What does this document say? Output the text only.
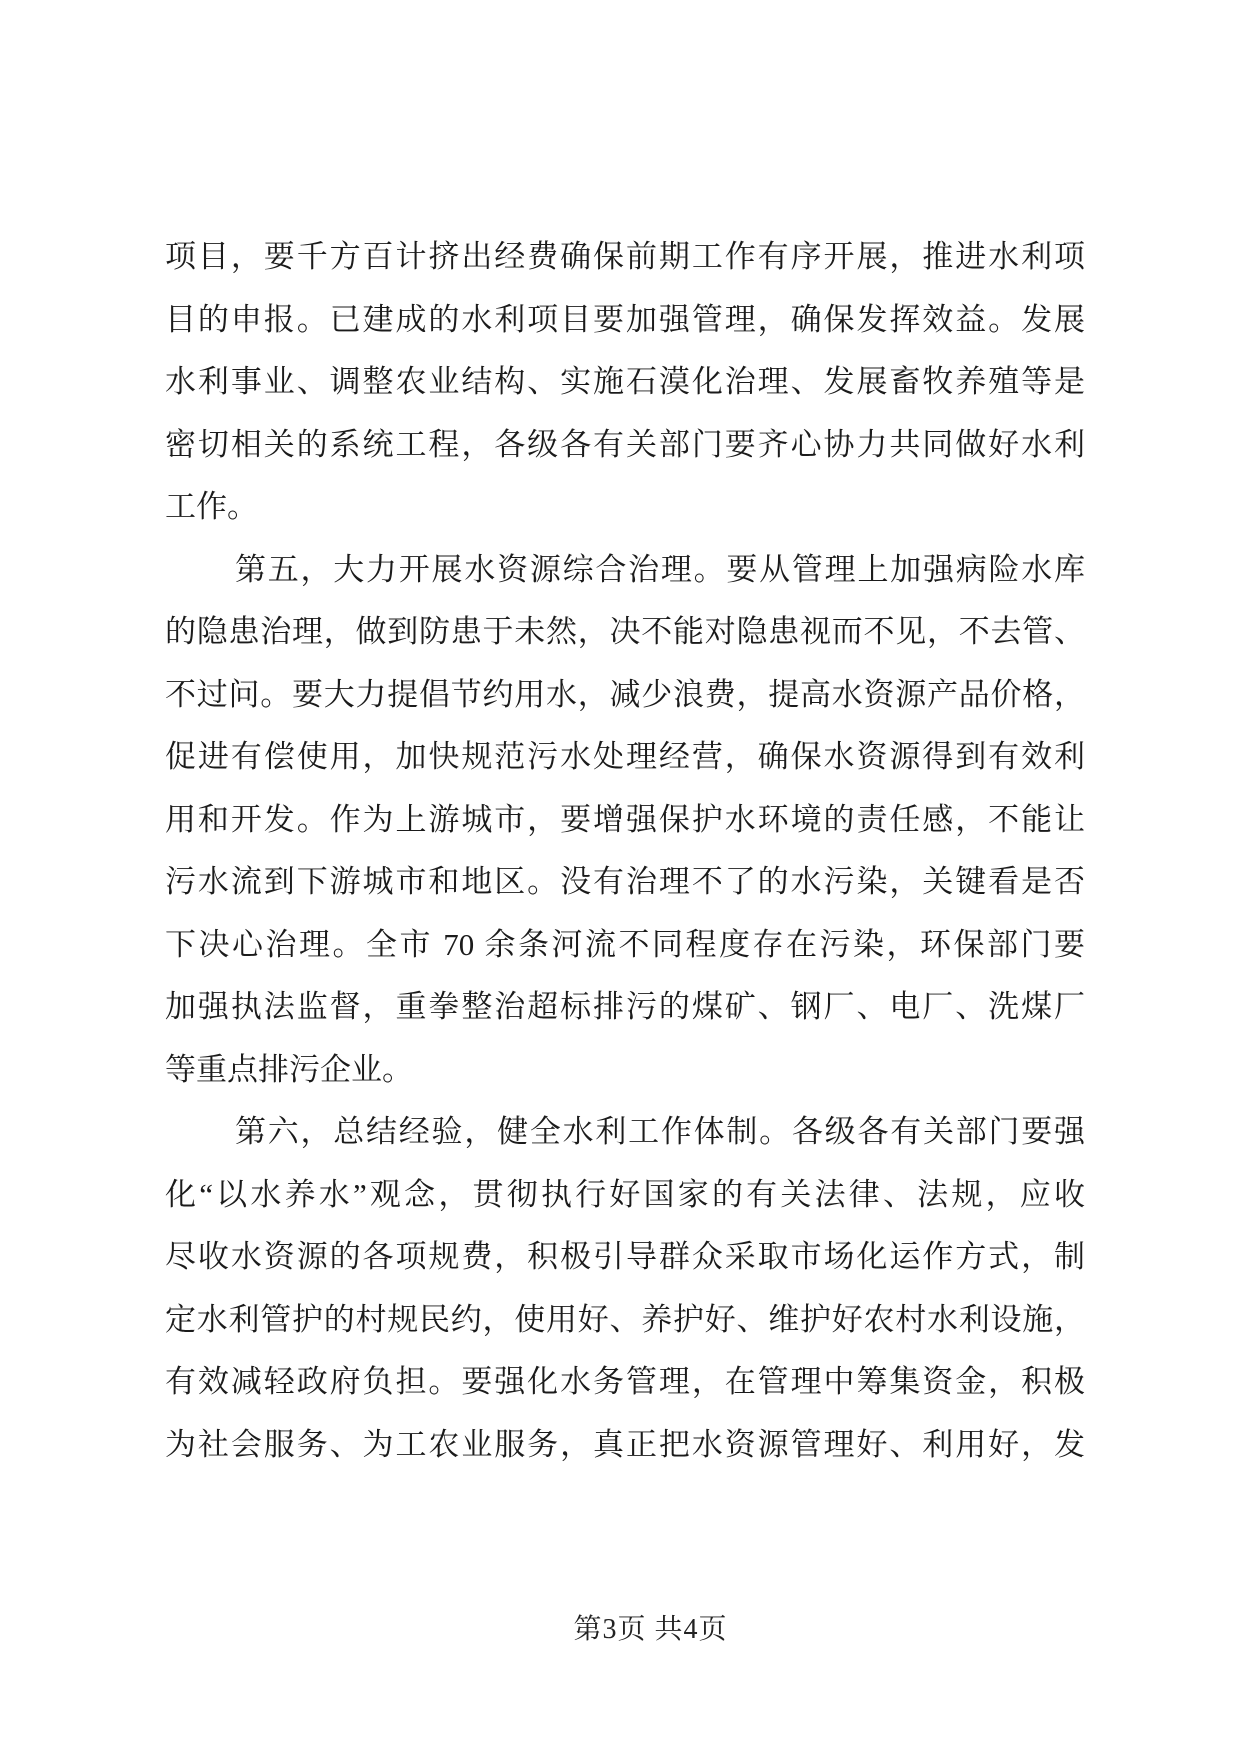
项目，要千方百计挤出经费确保前期工作有序开展，推进水利项
目的申报。已建成的水利项目要加强管理，确保发挥效益。发展
水利事业、调整农业结构、实施石漠化治理、发展畜牧养殖等是
密切相关的系统工程，各级各有关部门要齐心协力共同做好水利
工作。
第五，大力开展水资源综合治理。要从管理上加强病险水库
的隐患治理，做到防患于未然，决不能对隐患视而不见，不去管、
不过问。要大力提倡节约用水，减少浪费，提高水资源产品价格，
促进有偿使用，加快规范污水处理经营，确保水资源得到有效利
用和开发。作为上游城市，要增强保护水环境的责任感，不能让
污水流到下游城市和地区。没有治理不了的水污染，关键看是否
下决心治理。全市 70 余条河流不同程度存在污染，环保部门要
加强执法监督，重拳整治超标排污的煤矿、钢厂、电厂、洗煤厂
等重点排污企业。
第六，总结经验，健全水利工作体制。各级各有关部门要强
化“以水养水”观念，贯彻执行好国家的有关法律、法规，应收
尽收水资源的各项规费，积极引导群众采取市场化运作方式，制
定水利管护的村规民约，使用好、养护好、维护好农村水利设施，
有效减轻政府负担。要强化水务管理，在管理中筹集资金，积极
为社会服务、为工农业服务，真正把水资源管理好、利用好，发
第3页 共4页
